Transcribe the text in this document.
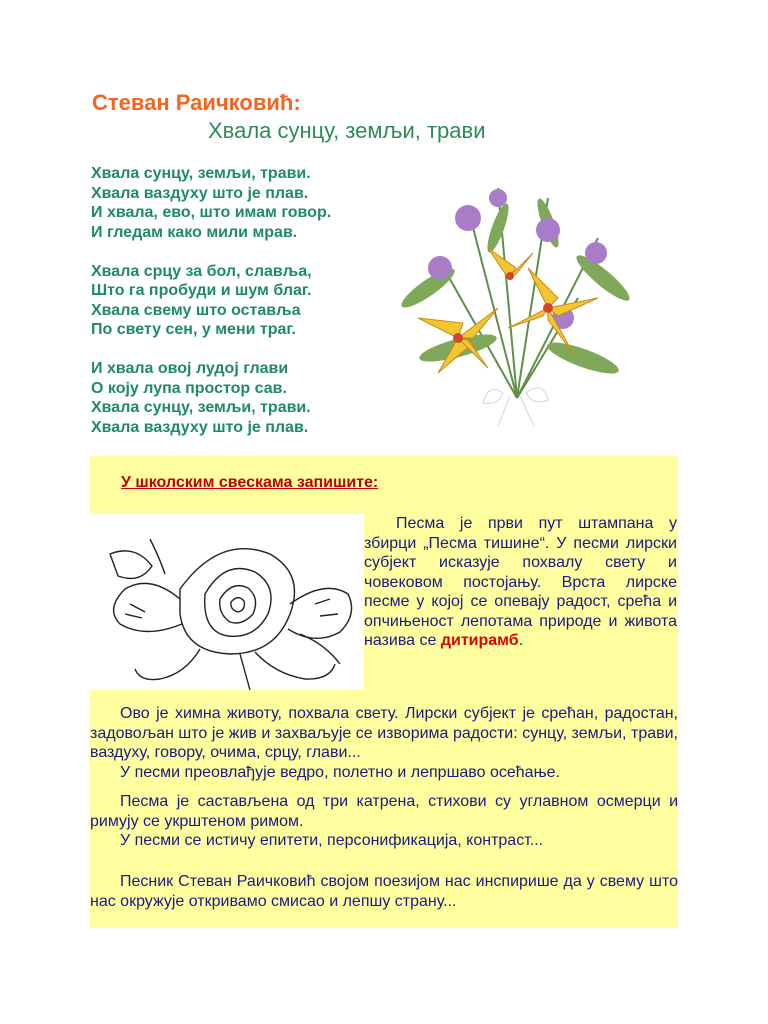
Стеван Раичковић:
Хвала сунцу, земљи, трави
Хвала сунцу, земљи, трави.
Хвала ваздуху што је плав.
И хвала, ево, што имам говор.
И гледам како мили мрав.
Хвала срцу за бол, славља,
Што га пробуди и шум благ.
Хвала свему што оставља
По свету сен, у мени траг.
И хвала овој лудој глави
О коју лупа простор сав.
Хвала сунцу, земљи, трави.
Хвала ваздуху што је плав.
У школским свескама запишите:
Песма је први пут штампана у збирци „Песма тишине“. У песми лирски субјект исказује похвалу свету и човековом постојању. Врста лирске песме у којој се опевају радост, срећа и опчињеност лепотама природе и живота назива се дитирамб.
Ово је химна животу, похвала свету. Лирски субјект је срећан, радостан, задовољан што је жив и захваљује се изворима радости: сунцу, земљи, трави, ваздуху, говору, очима, срцу, глави...
У песми преовлађује ведро, полетно и лепршаво осећање.
Песма је састављена од три катрена, стихови су углавном осмерци и римују се укрштеном римом.
У песми се истичу епитети, персонификација, контраст...
Песник Стеван Раичковић својом поезијом нас инспирише да у свему што нас окружује откривамо смисао и лепшу страну...
